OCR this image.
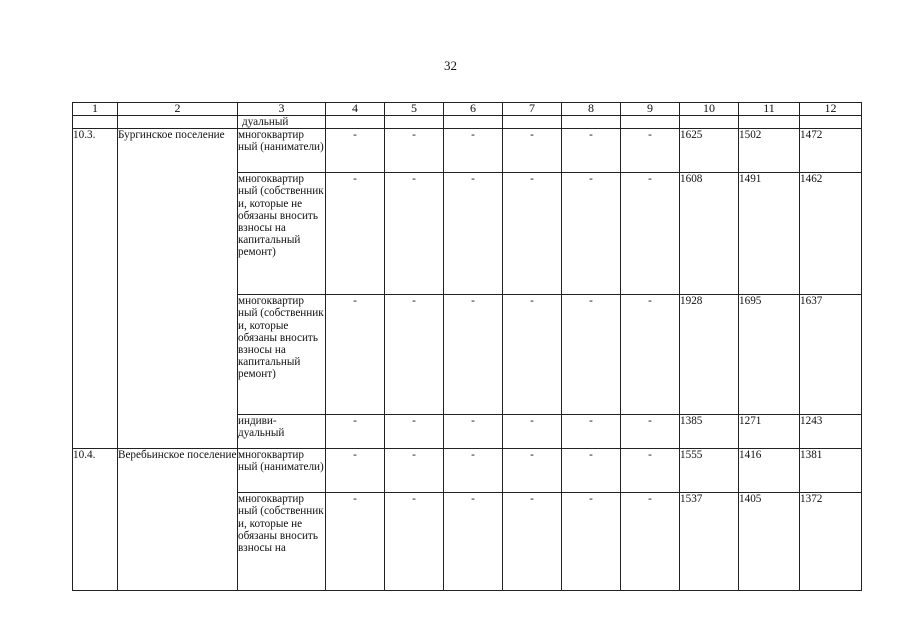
32
1	2	3	4	5	6	7	8	9	10	11	12
		дуальный									
10.3.	Бургинское поселение	многоквартир ный (наниматели)	-	-	-	-	-	-	1625	1502	1472
		многоквартир ный (собственник и, которые не обязаны вносить взносы на капитальный ремонт)	-	-	-	-	-	-	1608	1491	1462
		многоквартир ный (собственник и, которые обязаны вносить взносы на капитальный ремонт)	-	-	-	-	-	-	1928	1695	1637
		индиви- дуальный	-	-	-	-	-	-	1385	1271	1243
10.4.	Веребьинское поселение	многоквартир ный (наниматели)	-	-	-	-	-	-	1555	1416	1381
		многоквартир ный (собственник и, которые не обязаны вносить взносы на	-	-	-	-	-	-	1537	1405	1372
